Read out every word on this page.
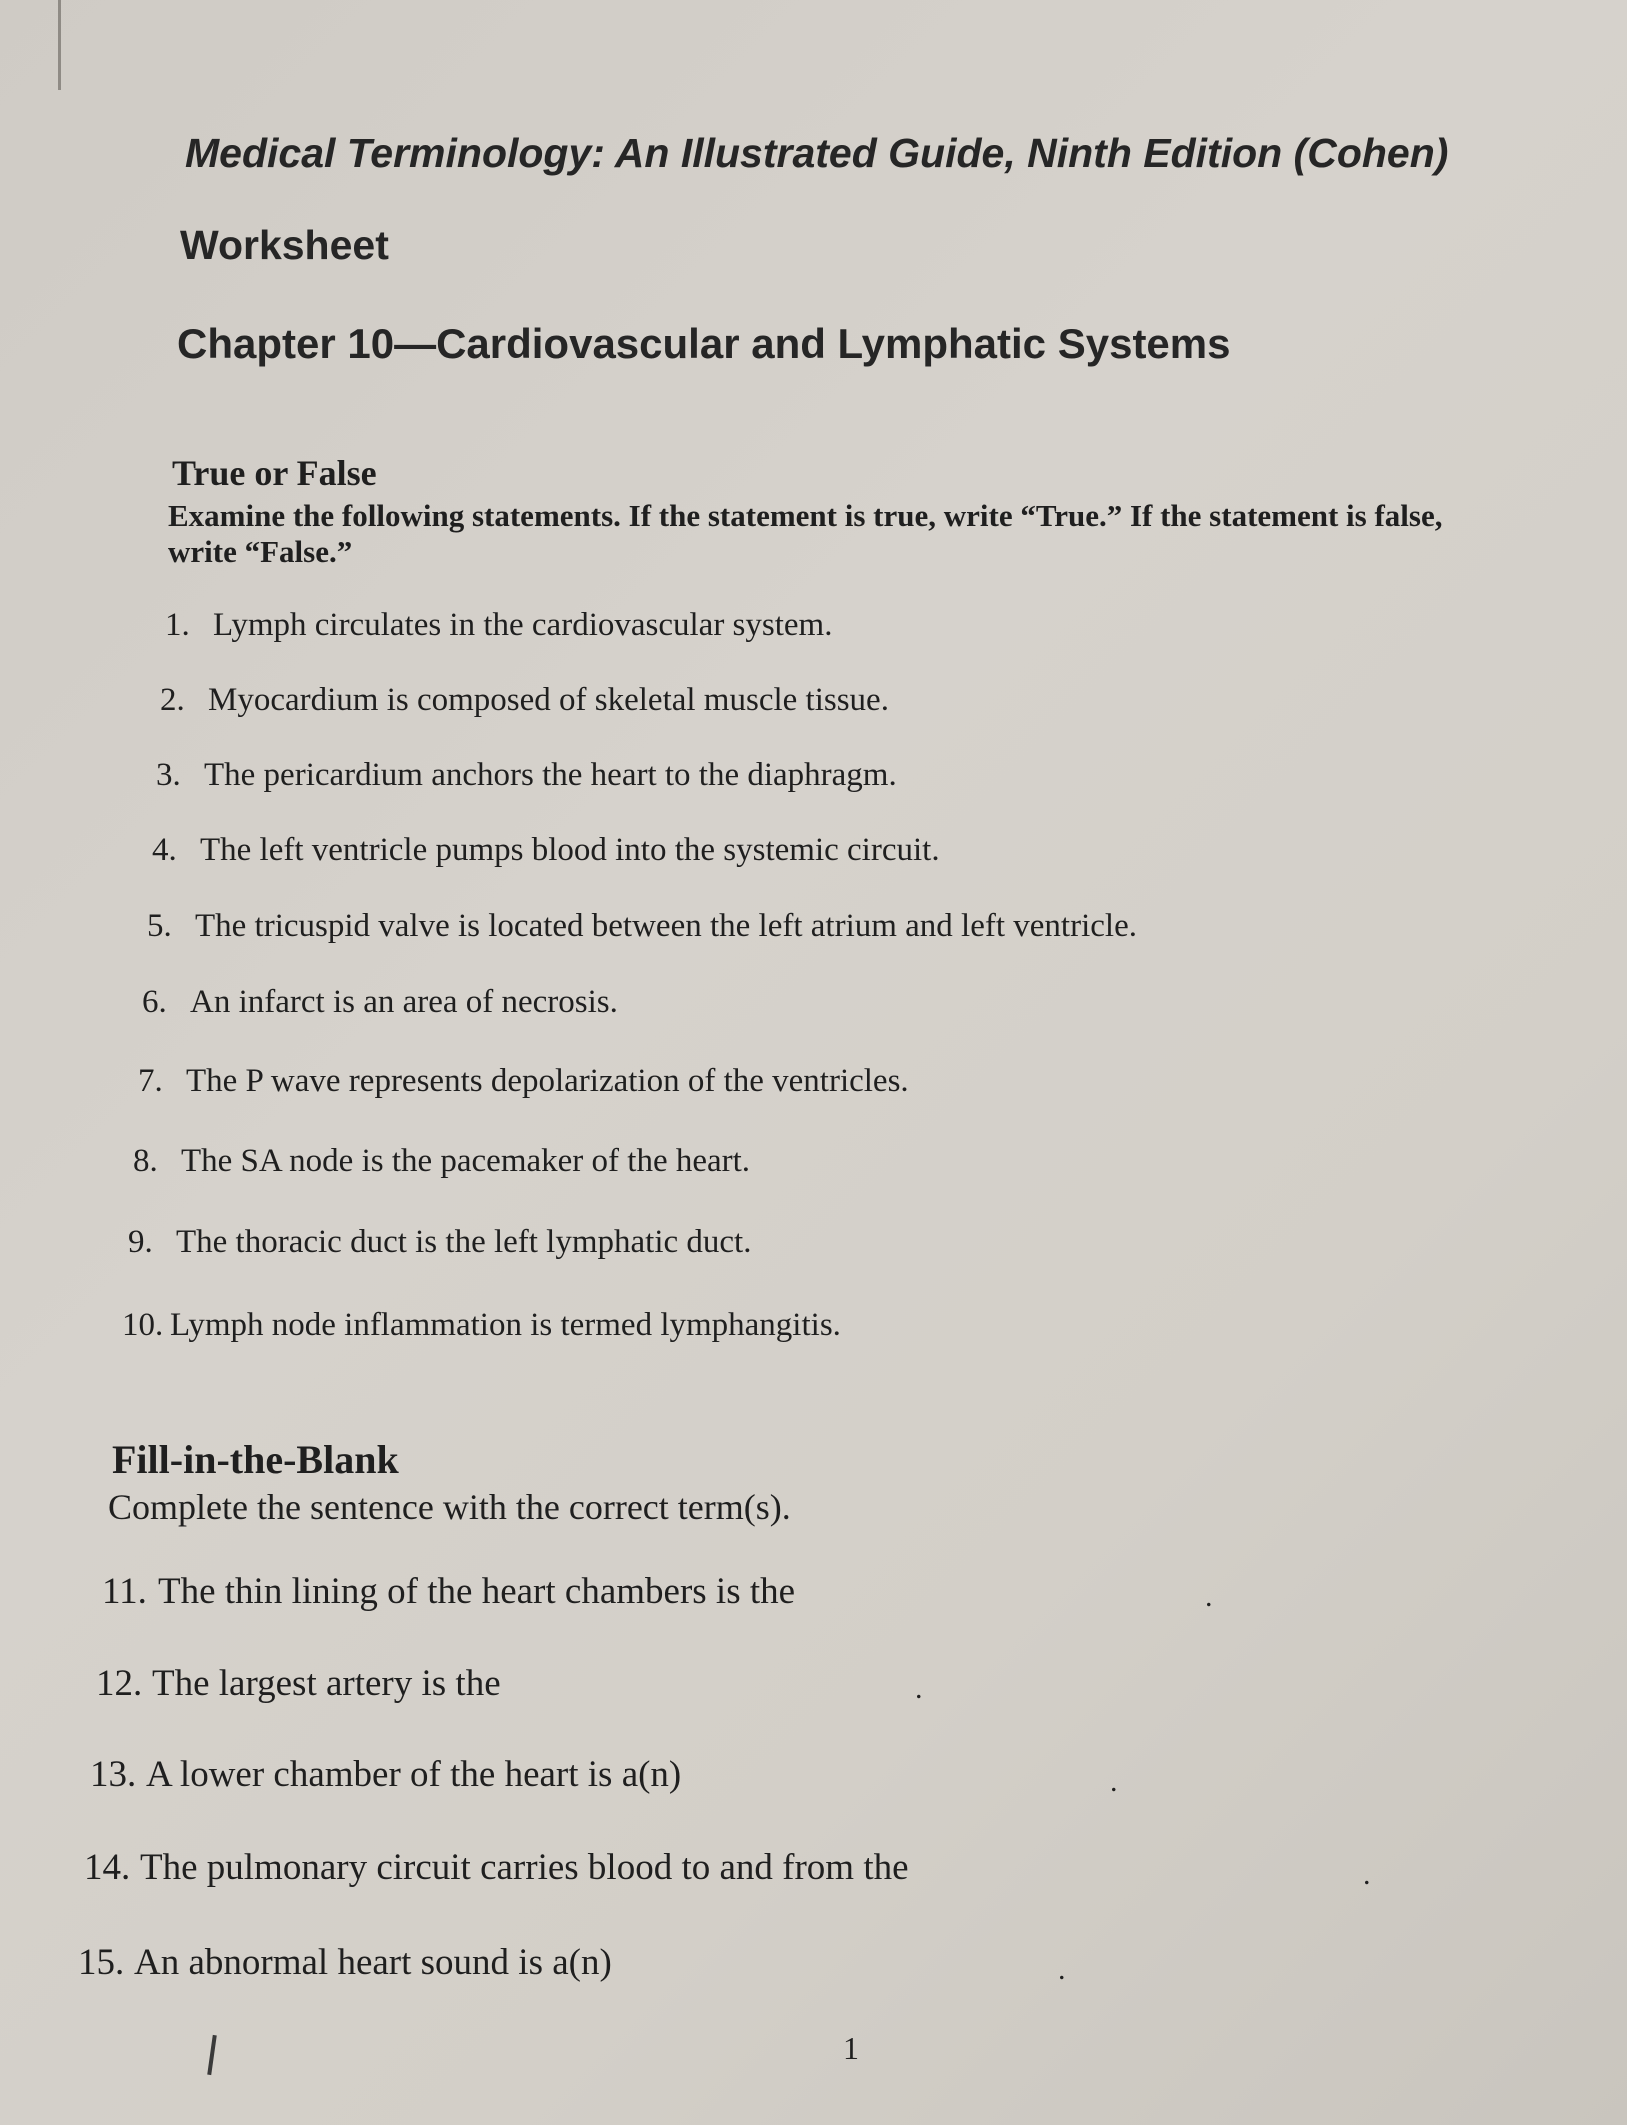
Medical Terminology: An Illustrated Guide, Ninth Edition (Cohen)
Worksheet
Chapter 10—Cardiovascular and Lymphatic Systems
True or False
Examine the following statements. If the statement is true, write “True.” If the statement is false, write “False.”
1. Lymph circulates in the cardiovascular system.
2. Myocardium is composed of skeletal muscle tissue.
3. The pericardium anchors the heart to the diaphragm.
4. The left ventricle pumps blood into the systemic circuit.
5. The tricuspid valve is located between the left atrium and left ventricle.
6. An infarct is an area of necrosis.
7. The P wave represents depolarization of the ventricles.
8. The SA node is the pacemaker of the heart.
9. The thoracic duct is the left lymphatic duct.
10. Lymph node inflammation is termed lymphangitis.
Fill-in-the-Blank
Complete the sentence with the correct term(s).
11. The thin lining of the heart chambers is the	.
12. The largest artery is the	.
13. A lower chamber of the heart is a(n)	.
14. The pulmonary circuit carries blood to and from the	.
15. An abnormal heart sound is a(n)	.
1
